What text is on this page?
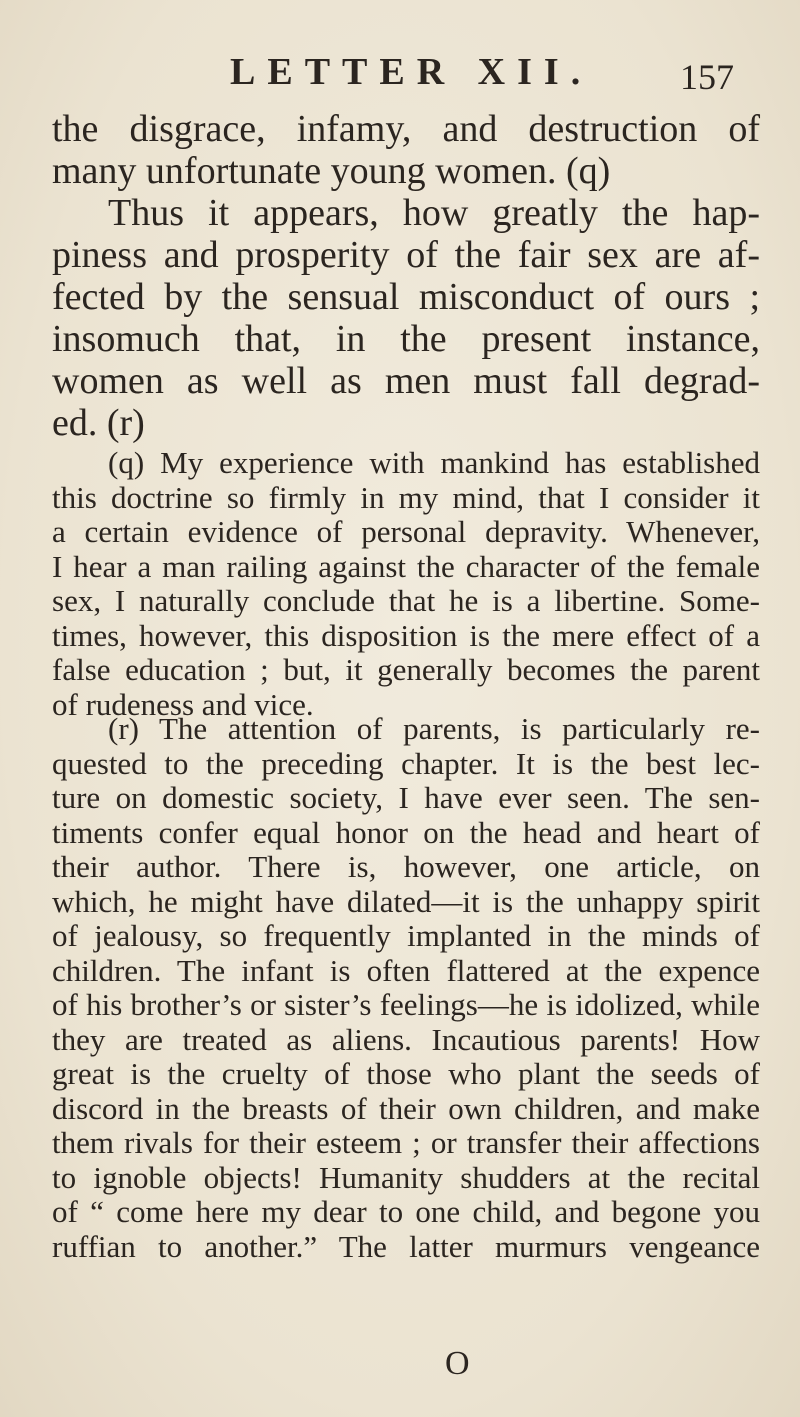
LETTER XII. 157
the disgrace, infamy, and destruction of
many unfortunate young women. (q)
Thus it appears, how greatly the hap-
piness and prosperity of the fair sex are af-
fected by the sensual misconduct of ours ;
insomuch that, in the present instance,
women as well as men must fall degrad-
ed. (r)
(q) My experience with mankind has established
this doctrine so firmly in my mind, that I consider it
a certain evidence of personal depravity. Whenever,
I hear a man railing against the character of the female
sex, I naturally conclude that he is a libertine. Some-
times, however, this disposition is the mere effect of a
false education ; but, it generally becomes the parent
of rudeness and vice.
(r) The attention of parents, is particularly re-
quested to the preceding chapter. It is the best lec-
ture on domestic society, I have ever seen. The sen-
timents confer equal honor on the head and heart of
their author. There is, however, one article, on
which, he might have dilated—it is the unhappy spirit
of jealousy, so frequently implanted in the minds of
children. The infant is often flattered at the expence
of his brother’s or sister’s feelings—he is idolized, while
they are treated as aliens. Incautious parents! How
great is the cruelty of those who plant the seeds of
discord in the breasts of their own children, and make
them rivals for their esteem ; or transfer their affections
to ignoble objects! Humanity shudders at the recital
of “ come here my dear to one child, and begone you
ruffian to another.” The latter murmurs vengeance
O
